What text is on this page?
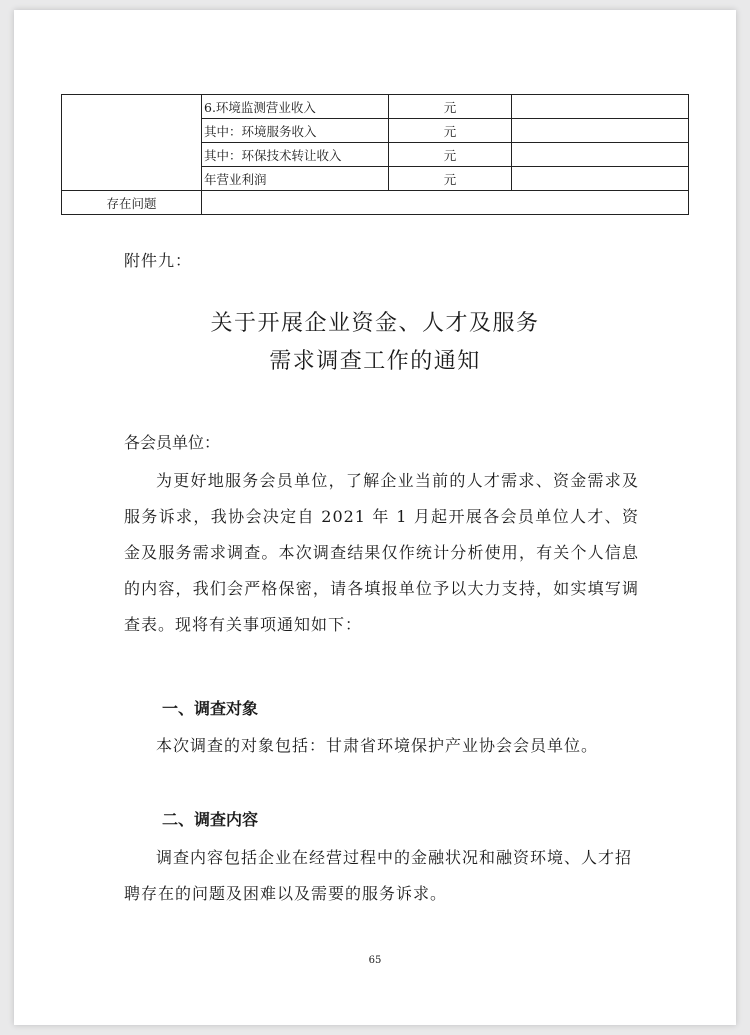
	6.环境监测营业收入	元	
	其中：环境服务收入	元	
	其中：环保技术转让收入	元	
	年营业利润	元	
存在问题			
附件九：
关于开展企业资金、人才及服务
需求调查工作的通知
各会员单位：
为更好地服务会员单位，了解企业当前的人才需求、资金需求及服务诉求，我协会决定自 2021 年 1 月起开展各会员单位人才、资金及服务需求调查。本次调查结果仅作统计分析使用，有关个人信息的内容，我们会严格保密，请各填报单位予以大力支持，如实填写调查表。现将有关事项通知如下：
一、调查对象
本次调查的对象包括：甘肃省环境保护产业协会会员单位。
二、调查内容
调查内容包括企业在经营过程中的金融状况和融资环境、人才招聘存在的问题及困难以及需要的服务诉求。
65
